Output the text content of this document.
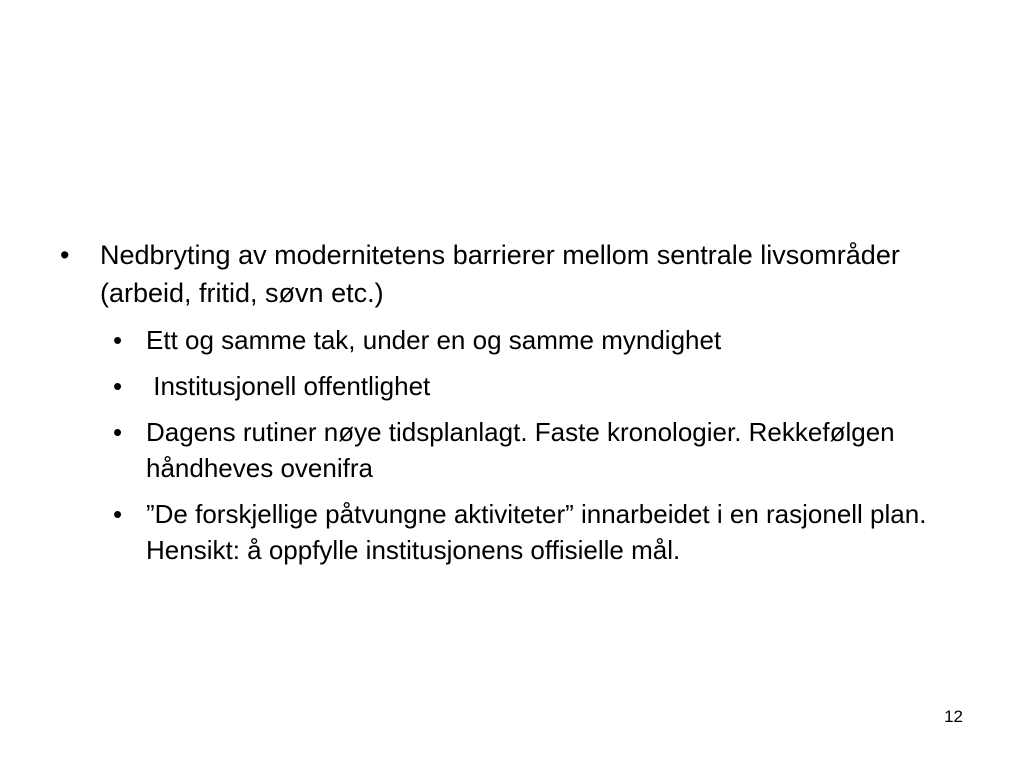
• Nedbryting av modernitetens barrierer mellom sentrale livsområder (arbeid, fritid, søvn etc.)
• Ett og samme tak, under en og samme myndighet
• Institusjonell offentlighet
• Dagens rutiner nøye tidsplanlagt. Faste kronologier. Rekkefølgen håndheves ovenifra
• ”De forskjellige påtvungne aktiviteter” innarbeidet i en rasjonell plan. Hensikt: å oppfylle institusjonens offisielle mål.
12
